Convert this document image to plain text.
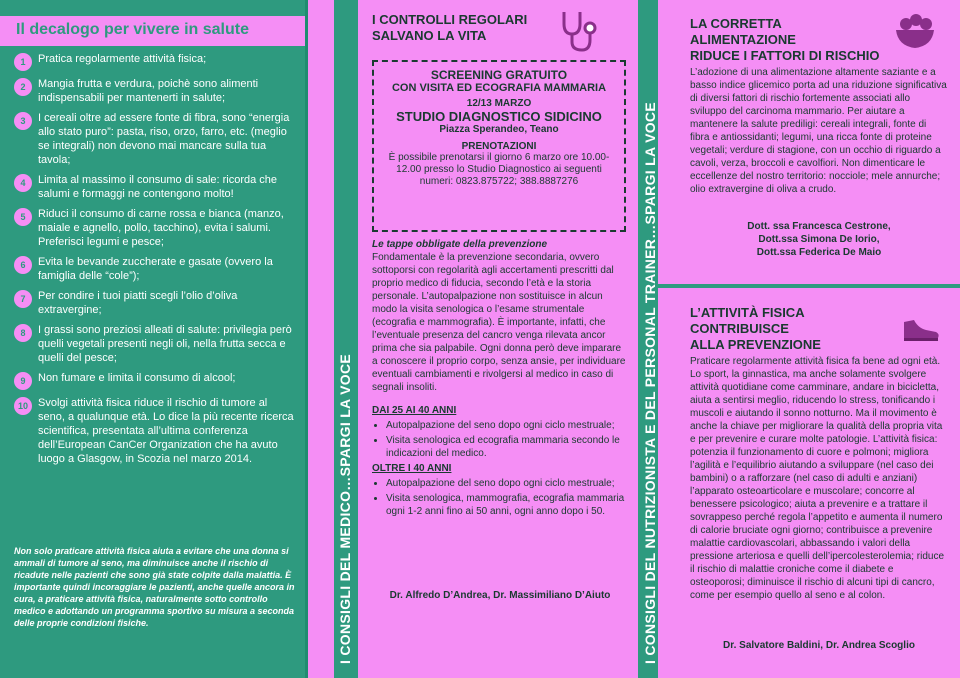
Il decalogo per vivere in salute
1	Pratica regolarmente attività fisica;
2	Mangia frutta e verdura, poichè sono alimenti indispensabili per mantenerti in salute;
3	I cereali oltre ad essere fonte di fibra, sono “energia allo stato puro”: pasta, riso, orzo, farro, etc. (meglio se integrali) non devono mai mancare sulla tua tavola;
4	Limita al massimo il consumo di sale: ricorda che salumi e formaggi ne contengono molto!
5	Riduci il consumo di carne rossa e bianca (manzo, maiale e agnello, pollo, tacchino), evita i salumi. Preferisci legumi e pesce;
6	Evita le bevande zuccherate e gasate (ovvero la famiglia delle “cole”);
7	Per condire i tuoi piatti scegli l’olio d’oliva extravergine;
8	I grassi sono preziosi alleati di salute: privilegia però quelli vegetali presenti negli oli, nella frutta secca e quelli del pesce;
9	Non fumare e limita il consumo di alcool;
10 Svolgi attività fisica riduce il rischio di tumore al seno, a qualunque età. Lo dice la più recente ricerca scientifica, presentata all’ultima conferenza dell’European CanCer Organization che ha avuto luogo a Glasgow, in Scozia nel marzo 2014.
Non solo praticare attività fisica aiuta a evitare che una donna si ammali di tumore al seno, ma diminuisce anche il rischio di ricadute nelle pazienti che sono già state colpite dalla malattia. È importante quindi incoraggiare le pazienti, anche quelle ancora in cura, a praticare attività fisica, naturalmente sotto controllo medico e adottando un programma sportivo su misura a seconda delle proprie condizioni fisiche.	I CONSIGLI DEL MEDICO…SPARGI LA VOCE
I CONTROLLI REGOLARI
SALVANO LA VITA
SCREENING GRATUITO
CON VISITA ED ECOGRAFIA MAMMARIA
12/13 MARZO
STUDIO DIAGNOSTICO SIDICINO
Piazza Sperandeo, Teano
PRENOTAZIONI
È possibile prenotarsi il giorno 6 marzo ore 10.00-12.00 presso lo Studio Diagnostico ai seguenti numeri: 0823.875722; 388.8887276
Le tappe obbligate della prevenzione
Fondamentale è la prevenzione secondaria, ovvero sottoporsi con regolarità agli accertamenti prescritti dal proprio medico di fiducia, secondo l’età e la storia personale. L’autopalpazione non sostituisce in alcun modo la visita senologica o l’esame strumentale (ecografia e mammografia). È importante, infatti, che l’eventuale presenza del cancro venga rilevata ancor prima che sia palpabile. Ogni donna però deve imparare a conoscere il proprio corpo, senza ansie, per individuare eventuali cambiamenti e rivolgersi al medico in caso di segnali insoliti.
DAI 25 AI 40 ANNI
• Autopalpazione del seno dopo ogni ciclo mestruale;
• Visita senologica ed ecografia mammaria secondo le indicazioni del medico.
OLTRE I 40 ANNI
• Autopalpazione del seno dopo ogni ciclo mestruale;
• Visita senologica, mammografia, ecografia mammaria ogni 1-2 anni fino ai 50 anni, ogni anno dopo i 50.
Dr. Alfredo D’Andrea, Dr. Massimiliano D’Aiuto	I CONSIGLI DEL NUTRIZIONISTA E DEL PERSONAL TRAINER…SPARGI LA VOCE
LA CORRETTA ALIMENTAZIONE
RIDUCE I FATTORI DI RISCHIO
L’adozione di una alimentazione altamente saziante e a basso indice glicemico porta ad una riduzione significativa di diversi fattori di rischio fortemente associati allo sviluppo del carcinoma mammario. Per aiutare a mantenere la salute prediligi: cereali integrali, fonte di fibra e antiossidanti; legumi, una ricca fonte di proteine vegetali; verdure di stagione, con un occhio di riguardo a cavoli, verza, broccoli e cavolfiori. Non dimenticare le eccellenze del nostro territorio: nocciole; mele annurche; olio extravergine di oliva a crudo.
Dott. ssa Francesca Cestrone,
Dott.ssa Simona De Iorio,
Dott.ssa Federica De Maio
L’ATTIVITÀ FISICA CONTRIBUISCE
ALLA PREVENZIONE
Praticare regolarmente attività fisica fa bene ad ogni età. Lo sport, la ginnastica, ma anche solamente svolgere attività quotidiane come camminare, andare in bicicletta, aiuta a sentirsi meglio, riducendo lo stress, tonificando i muscoli e aiutando il sonno notturno. Ma il movimento è anche la chiave per migliorare la qualità della propria vita e per prevenire e curare molte patologie. L’attività fisica: potenzia il funzionamento di cuore e polmoni; migliora l’agilità e l’equilibrio aiutando a sviluppare (nel caso dei bambini) o a rafforzare (nel caso di adulti e anziani) l’apparato osteoarticolare e muscolare; concorre al benessere psicologico; aiuta a prevenire e a trattare il sovrappeso perché regola l’appetito e aumenta il numero di calorie bruciate ogni giorno; contribuisce a prevenire malattie cardiovascolari, abbassando i valori della pressione arteriosa e quelli dell’ipercolesterolemia; riduce il rischio di malattie croniche come il diabete e osteoporosi; diminuisce il rischio di alcuni tipi di cancro, come per esempio quello al seno e al colon.
Dr. Salvatore Baldini, Dr. Andrea Scoglio
